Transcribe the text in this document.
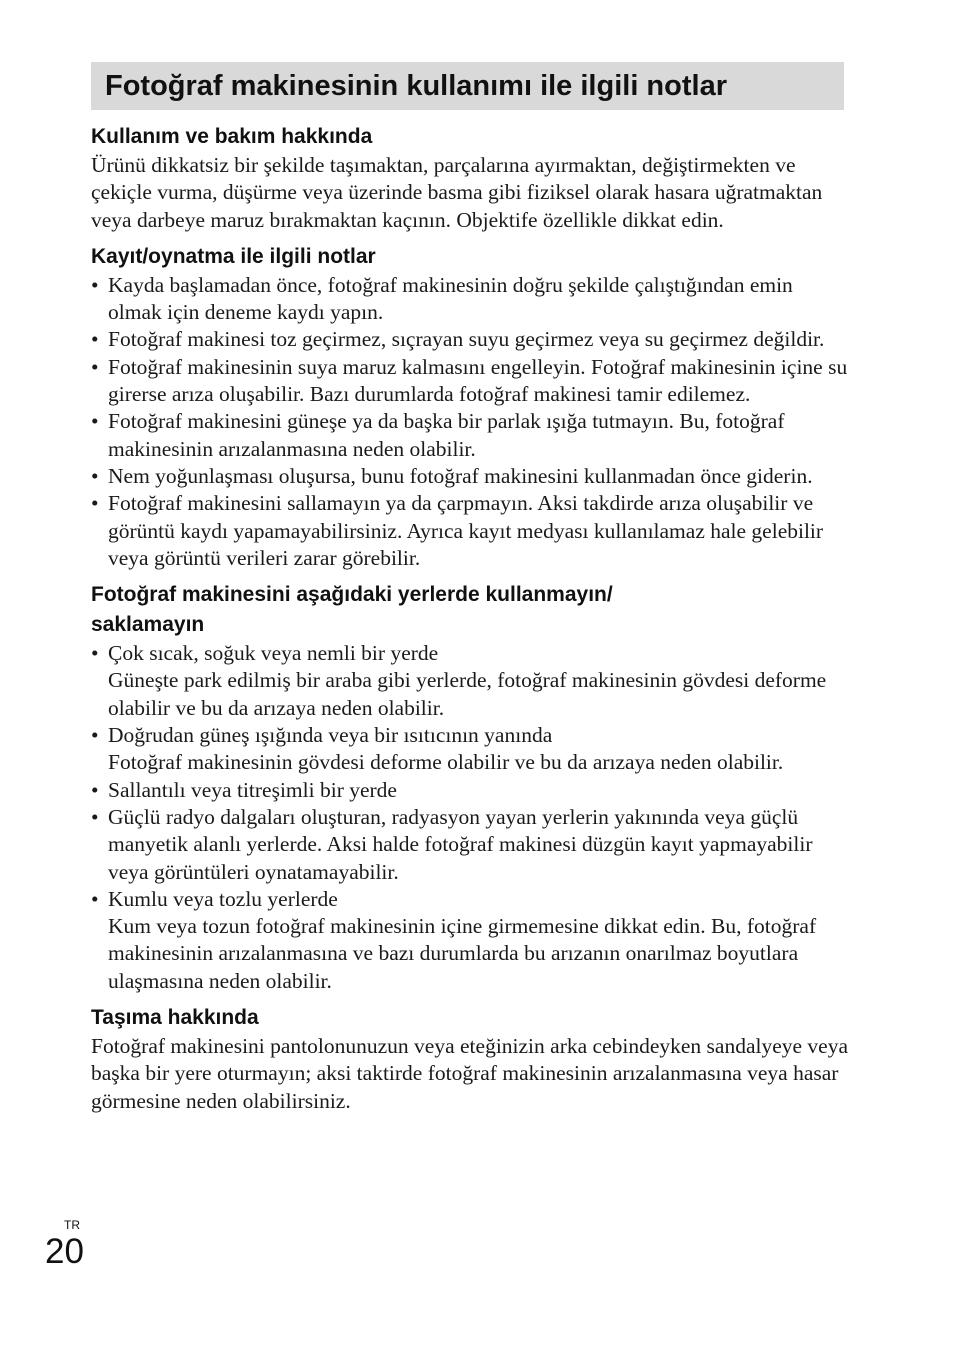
Fotoğraf makinesinin kullanımı ile ilgili notlar
Kullanım ve bakım hakkında

Ürünü dikkatsiz bir şekilde taşımaktan, parçalarına ayırmaktan, değiştirmekten ve çekiçle vurma, düşürme veya üzerinde basma gibi fiziksel olarak hasara uğratmaktan veya darbeye maruz bırakmaktan kaçının. Objektife özellikle dikkat edin.

Kayıt/oynatma ile ilgili notlar
• Kayda başlamadan önce, fotoğraf makinesinin doğru şekilde çalıştığından emin olmak için deneme kaydı yapın.
• Fotoğraf makinesi toz geçirmez, sıçrayan suyu geçirmez veya su geçirmez değildir.
• Fotoğraf makinesinin suya maruz kalmasını engelleyin. Fotoğraf makinesinin içine su girerse arıza oluşabilir. Bazı durumlarda fotoğraf makinesi tamir edilemez.
• Fotoğraf makinesini güneşe ya da başka bir parlak ışığa tutmayın. Bu, fotoğraf makinesinin arızalanmasına neden olabilir.
• Nem yoğunlaşması oluşursa, bunu fotoğraf makinesini kullanmadan önce giderin.
• Fotoğraf makinesini sallamayın ya da çarpmayın. Aksi takdirde arıza oluşabilir ve görüntü kaydı yapamayabilirsiniz. Ayrıca kayıt medyası kullanılamaz hale gelebilir veya görüntü verileri zarar görebilir.
Fotoğraf makinesini aşağıdaki yerlerde kullanmayın/
saklamayın
• Çok sıcak, soğuk veya nemli bir yerde
Güneşte park edilmiş bir araba gibi yerlerde, fotoğraf makinesinin gövdesi deforme olabilir ve bu da arızaya neden olabilir.
• Doğrudan güneş ışığında veya bir ısıtıcının yanında
Fotoğraf makinesinin gövdesi deforme olabilir ve bu da arızaya neden olabilir.
• Sallantılı veya titreşimli bir yerde
• Güçlü radyo dalgaları oluşturan, radyasyon yayan yerlerin yakınında veya güçlü manyetik alanlı yerlerde. Aksi halde fotoğraf makinesi düzgün kayıt yapmayabilir veya görüntüleri oynatamayabilir.
• Kumlu veya tozlu yerlerde
Kum veya tozun fotoğraf makinesinin içine girmemesine dikkat edin. Bu, fotoğraf makinesinin arızalanmasına ve bazı durumlarda bu arızanın onarılmaz boyutlara ulaşmasına neden olabilir.
Taşıma hakkında

Fotoğraf makinesini pantolonunuzun veya eteğinizin arka cebindeyken sandalyeye veya başka bir yere oturmayın; aksi taktirde fotoğraf makinesinin arızalanmasına veya hasar görmesine neden olabilirsiniz.

TR
20
